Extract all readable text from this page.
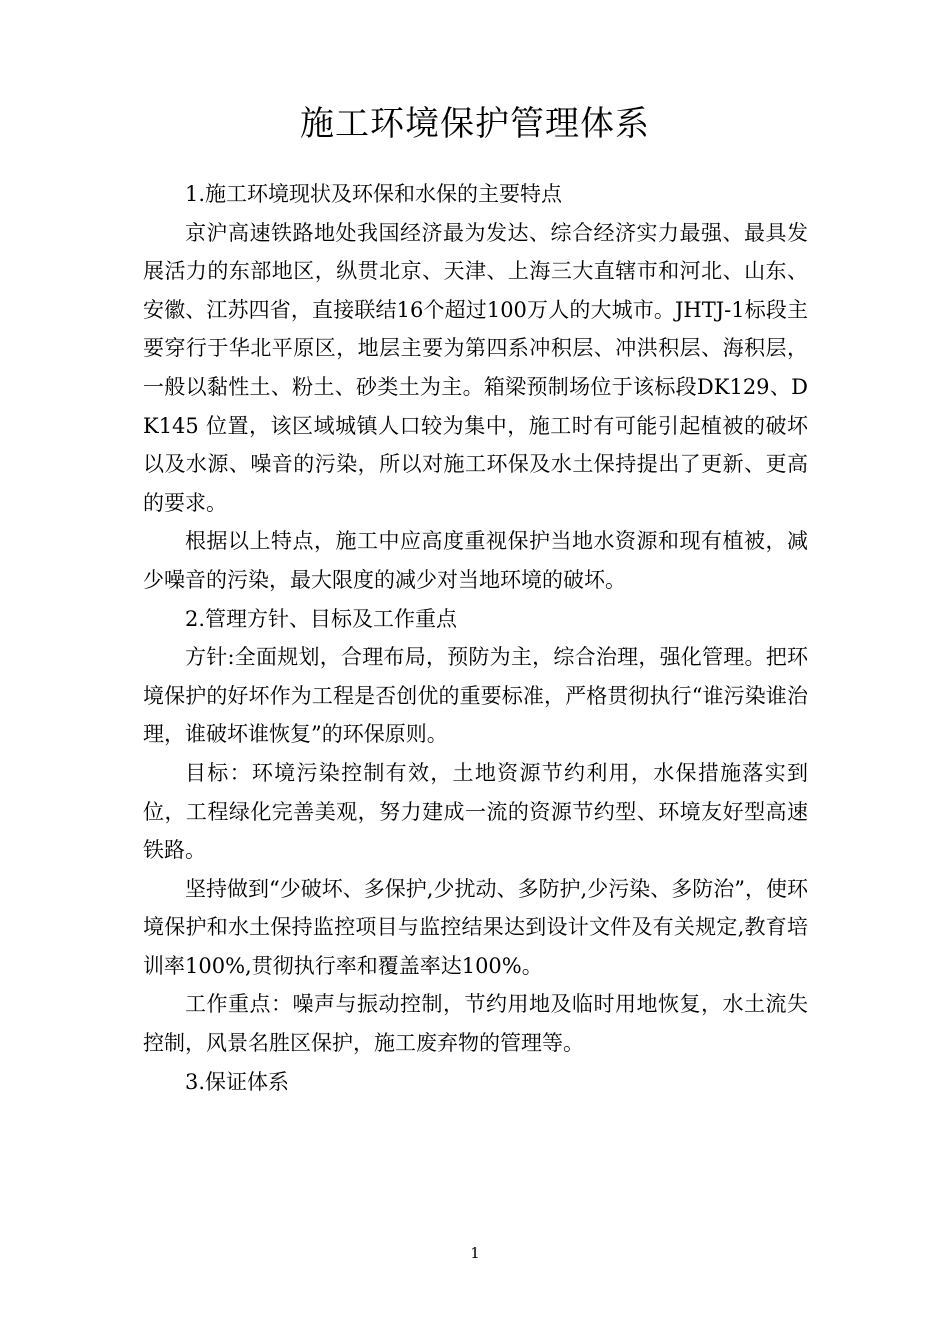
施工环境保护管理体系

1.施工环境现状及环保和水保的主要特点

京沪高速铁路地处我国经济最为发达、综合经济实力最强、最具发展活力的东部地区，纵贯北京、天津、上海三大直辖市和河北、山东、安徽、江苏四省，直接联结16个超过100万人的大城市。JHTJ-1标段主要穿行于华北平原区，地层主要为第四系冲积层、冲洪积层、海积层，一般以黏性土、粉土、砂类土为主。箱梁预制场位于该标段DK129、DK145 位置，该区域城镇人口较为集中，施工时有可能引起植被的破坏以及水源、噪音的污染，所以对施工环保及水土保持提出了更新、更高的要求。

根据以上特点，施工中应高度重视保护当地水资源和现有植被，减少噪音的污染，最大限度的减少对当地环境的破坏。

2.管理方针、目标及工作重点

方针:全面规划，合理布局，预防为主，综合治理，强化管理。把环境保护的好坏作为工程是否创优的重要标准，严格贯彻执行“谁污染谁治理，谁破坏谁恢复”的环保原则。

目标：环境污染控制有效，土地资源节约利用，水保措施落实到位，工程绿化完善美观，努力建成一流的资源节约型、环境友好型高速铁路。

坚持做到“少破坏、多保护,少扰动、多防护,少污染、多防治”，使环境保护和水土保持监控项目与监控结果达到设计文件及有关规定,教育培训率100%,贯彻执行率和覆盖率达100%。

工作重点：噪声与振动控制，节约用地及临时用地恢复，水土流失控制，风景名胜区保护，施工废弃物的管理等。

3.保证体系

1
